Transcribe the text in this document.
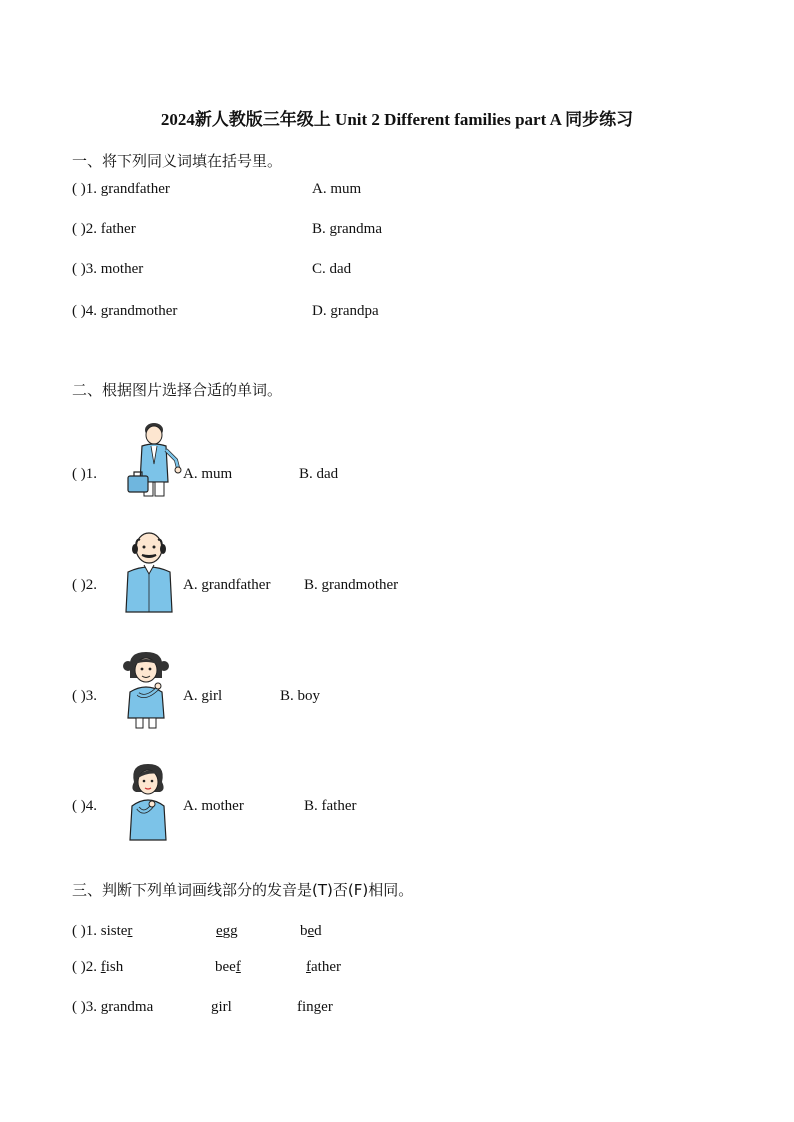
2024新人教版三年级上 Unit 2 Different families part A 同步练习
一、将下列同义词填在括号里。
( )1. grandfather	A. mum
( )2. father	B. grandma
( )3. mother	C. dad
( )4. grandmother	D. grandpa
二、根据图片选择合适的单词。
( )1.	A. mum	B. dad
( )2.	A. grandfather B. grandmother
( )3.	A. girl	B. boy
( )4.	A. mother	B. father
三、判断下列单词画线部分的发音是(T)否(F)相同。
( )1. sister	egg	bed
( )2. fish	beef	father
( )3. grandma	girl	finger
